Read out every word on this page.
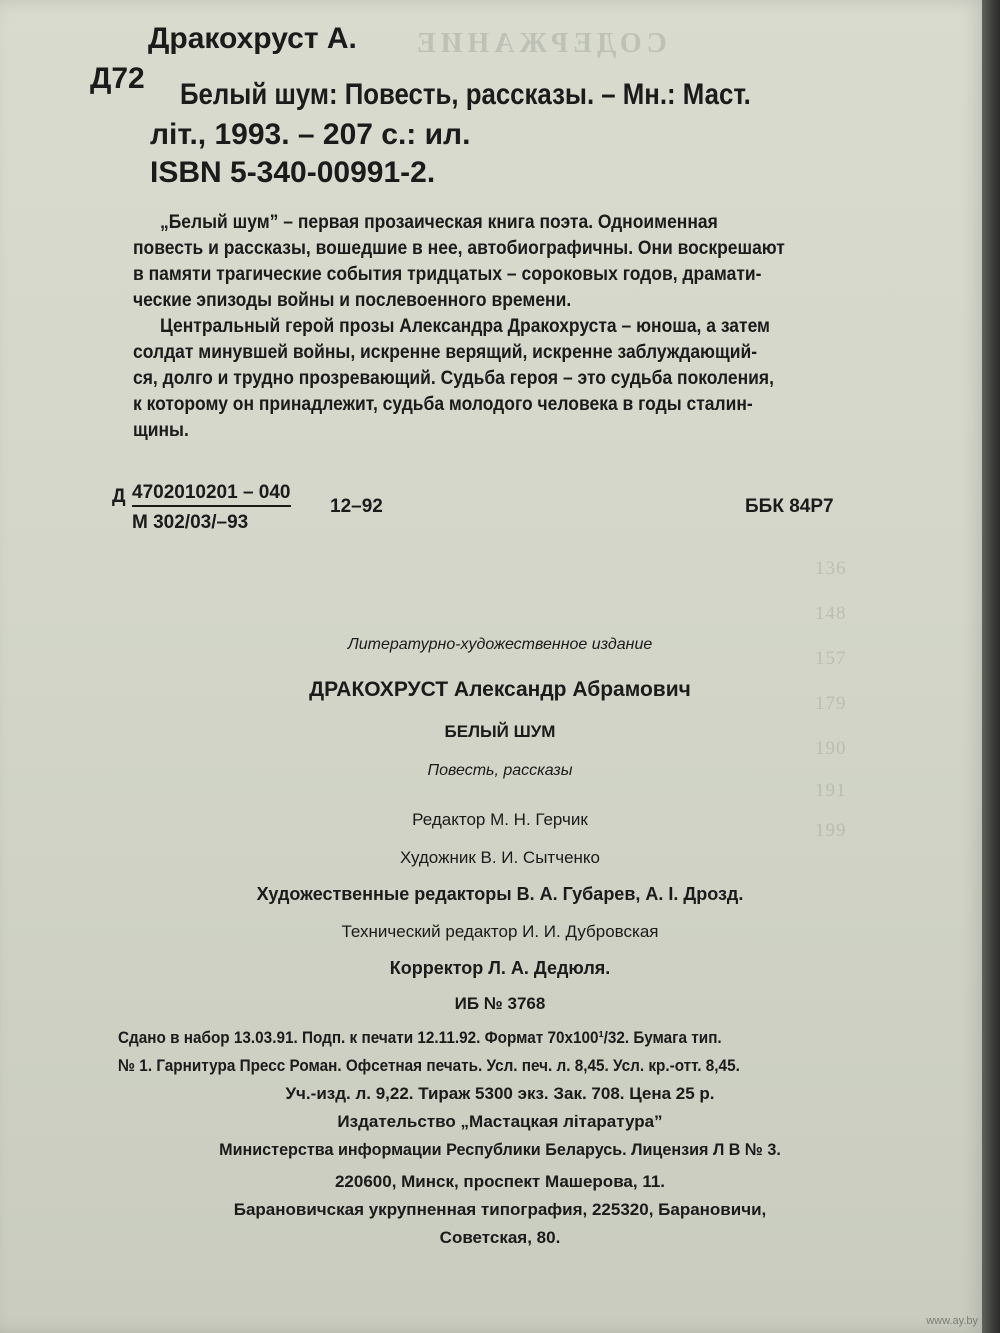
СОДЕРЖАНИЕ
136
148
157
179
190
191
199
Дракохруст А.
Д72 Белый шум: Повесть, рассказы. – Мн.: Маст.
літ., 1993. – 207 с.: ил.
ISBN 5-340-00991-2.
„Белый шум” – первая прозаическая книга поэта. Одноименная
повесть и рассказы, вошедшие в нее, автобиографичны. Они воскрешают
в памяти трагические события тридцатых – сороковых годов, драмати-
ческие эпизоды войны и послевоенного времени.
Центральный герой прозы Александра Дракохруста – юноша, а затем
солдат минувшей войны, искренне верящий, искренне заблуждающий-
ся, долго и трудно прозревающий. Судьба героя – это судьба поколения,
к которому он принадлежит, судьба молодого человека в годы сталин-
щины.
Д 4702010201 – 040
М 302/03/–93
12–92	ББК 84Р7
Литературно-художественное издание
ДРАКОХРУСТ Александр Абрамович
БЕЛЫЙ ШУМ
Повесть, рассказы
Редактор М. Н. Герчик
Художник В. И. Сытченко
Художественные редакторы В. А. Губарев, А. І. Дрозд.
Технический редактор И. И. Дубровская
Корректор Л. А. Дедюля.
ИБ № 3768
Сдано в набор 13.03.91. Подп. к печати 12.11.92. Формат 70x100¹/32. Бумага тип.
№ 1. Гарнитура Пресс Роман. Офсетная печать. Усл. печ. л. 8,45. Усл. кр.-отт. 8,45.
Уч.-изд. л. 9,22. Тираж 5300 экз. Зак. 708. Цена 25 р.
Издательство „Мастацкая літаратура”
Министерства информации Республики Беларусь. Лицензия Л В № 3.
220600, Минск, проспект Машерова, 11.
Барановичская укрупненная типография, 225320, Барановичи,
Советская, 80.
www.ay.by
